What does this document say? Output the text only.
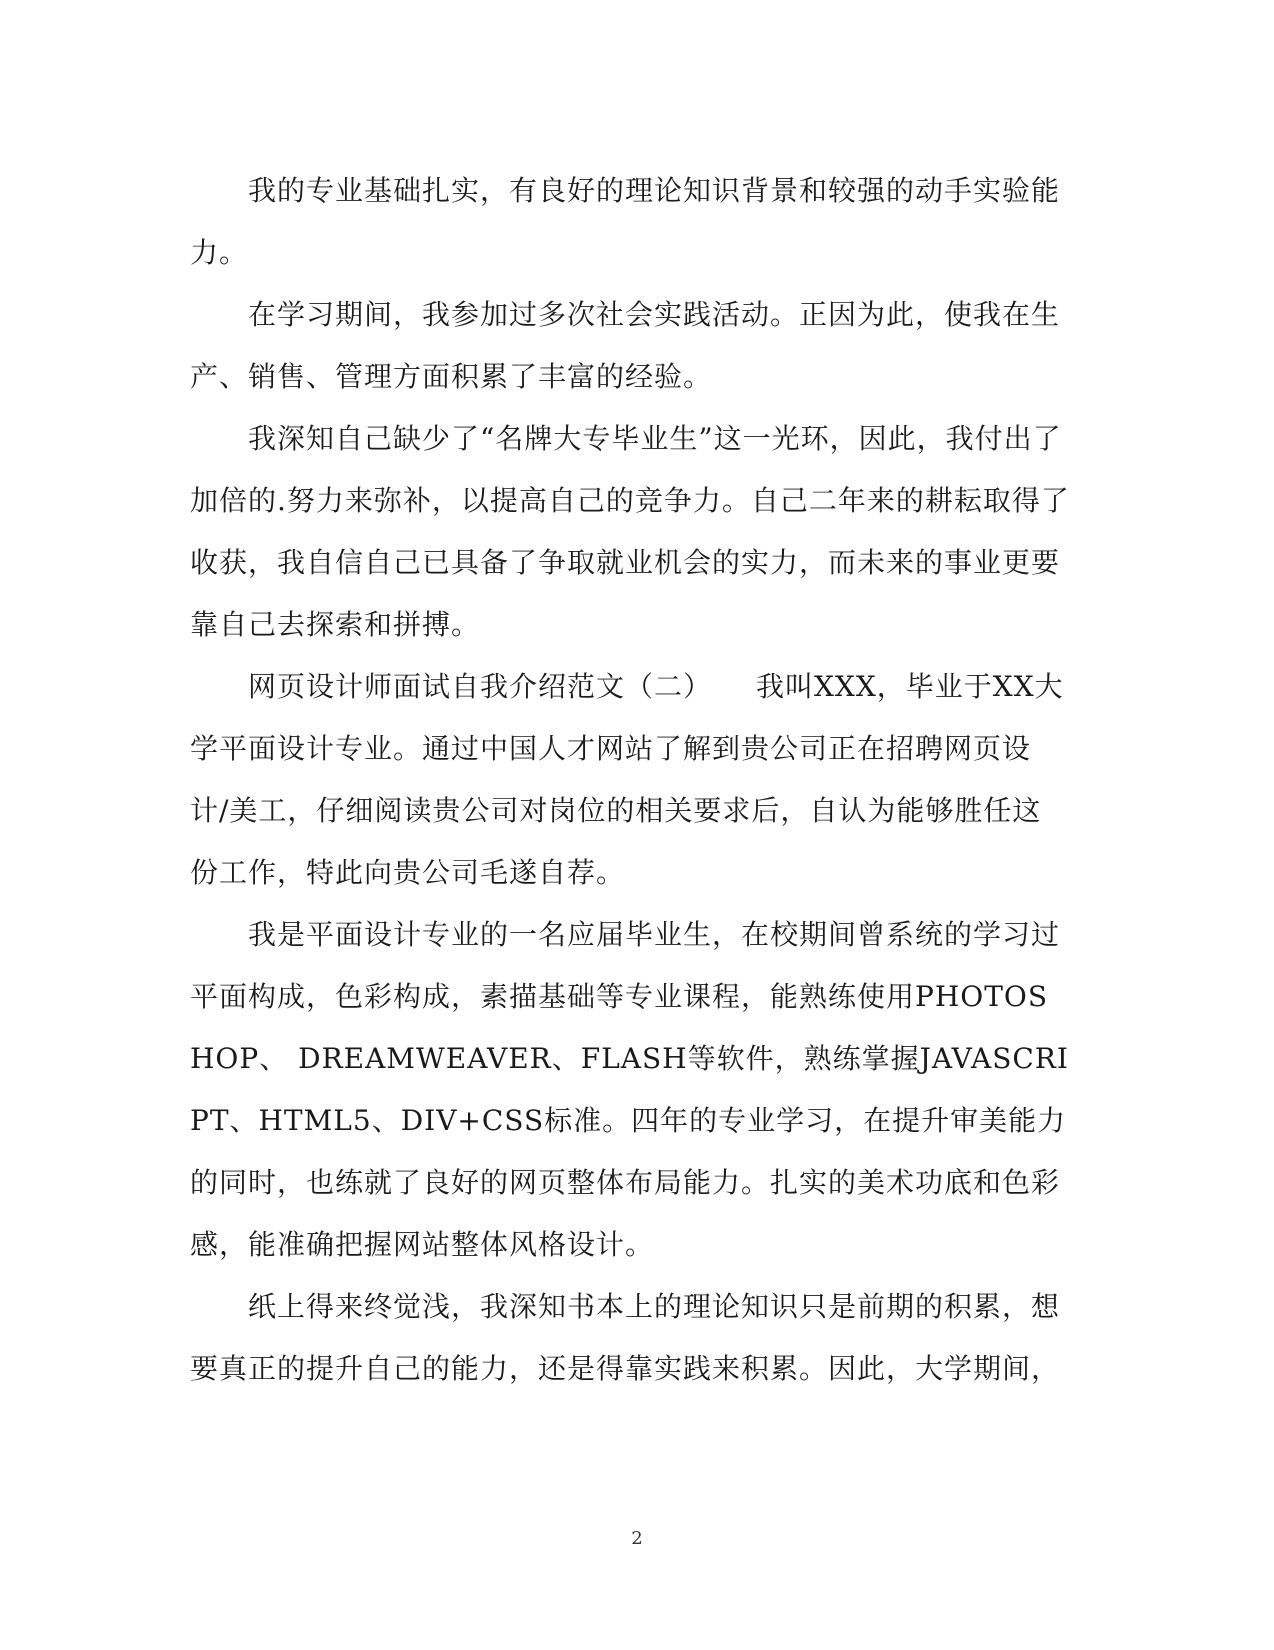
我的专业基础扎实，有良好的理论知识背景和较强的动手实验能力。

在学习期间，我参加过多次社会实践活动。正因为此，使我在生产、销售、管理方面积累了丰富的经验。

我深知自己缺少了“名牌大专毕业生”这一光环，因此，我付出了加倍的.努力来弥补，以提高自己的竞争力。自己二年来的耕耘取得了收获，我自信自己已具备了争取就业机会的实力，而未来的事业更要靠自己去探索和拼搏。

网页设计师面试自我介绍范文（二）　　我叫XXX，毕业于XX大学平面设计专业。通过中国人才网站了解到贵公司正在招聘网页设计/美工，仔细阅读贵公司对岗位的相关要求后，自认为能够胜任这份工作，特此向贵公司毛遂自荐。

我是平面设计专业的一名应届毕业生，在校期间曾系统的学习过平面构成，色彩构成，素描基础等专业课程，能熟练使用PHOTOSHOP、 DREAMWEAVER、FLASH等软件，熟练掌握JAVASCRIPT、HTML5、DIV+CSS标准。四年的专业学习，在提升审美能力的同时，也练就了良好的网页整体布局能力。扎实的美术功底和色彩感，能准确把握网站整体风格设计。

纸上得来终觉浅，我深知书本上的理论知识只是前期的积累，想要真正的提升自己的能力，还是得靠实践来积累。因此，大学期间，

2
